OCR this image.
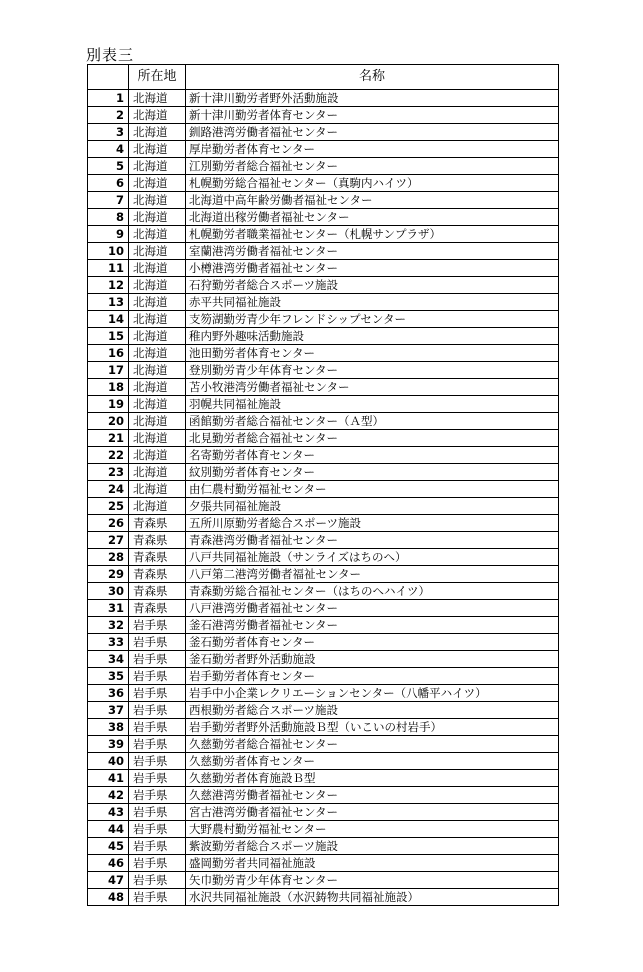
別表三
	所在地	名称
1	北海道	新十津川勤労者野外活動施設
2	北海道	新十津川勤労者体育センター
3	北海道	釧路港湾労働者福祉センター
4	北海道	厚岸勤労者体育センター
5	北海道	江別勤労者総合福祉センター
6	北海道	札幌勤労総合福祉センター（真駒内ハイツ）
7	北海道	北海道中高年齢労働者福祉センター
8	北海道	北海道出稼労働者福祉センター
9	北海道	札幌勤労者職業福祉センター（札幌サンプラザ）
10	北海道	室蘭港湾労働者福祉センター
11	北海道	小樽港湾労働者福祉センター
12	北海道	石狩勤労者総合スポーツ施設
13	北海道	赤平共同福祉施設
14	北海道	支笏湖勤労青少年フレンドシップセンター
15	北海道	稚内野外趣味活動施設
16	北海道	池田勤労者体育センター
17	北海道	登別勤労青少年体育センター
18	北海道	苫小牧港湾労働者福祉センター
19	北海道	羽幌共同福祉施設
20	北海道	函館勤労者総合福祉センター（Ａ型）
21	北海道	北見勤労者総合福祉センター
22	北海道	名寄勤労者体育センター
23	北海道	紋別勤労者体育センター
24	北海道	由仁農村勤労福祉センター
25	北海道	夕張共同福祉施設
26	青森県	五所川原勤労者総合スポーツ施設
27	青森県	青森港湾労働者福祉センター
28	青森県	八戸共同福祉施設（サンライズはちのへ）
29	青森県	八戸第二港湾労働者福祉センター
30	青森県	青森勤労総合福祉センター（はちのへハイツ）
31	青森県	八戸港湾労働者福祉センター
32	岩手県	釜石港湾労働者福祉センター
33	岩手県	釜石勤労者体育センター
34	岩手県	釜石勤労者野外活動施設
35	岩手県	岩手勤労者体育センター
36	岩手県	岩手中小企業レクリエーションセンター（八幡平ハイツ）
37	岩手県	西根勤労者総合スポーツ施設
38	岩手県	岩手勤労者野外活動施設Ｂ型（いこいの村岩手）
39	岩手県	久慈勤労者総合福祉センター
40	岩手県	久慈勤労者体育センター
41	岩手県	久慈勤労者体育施設Ｂ型
42	岩手県	久慈港湾労働者福祉センター
43	岩手県	宮古港湾労働者福祉センター
44	岩手県	大野農村勤労福祉センター
45	岩手県	紫波勤労者総合スポーツ施設
46	岩手県	盛岡勤労者共同福祉施設
47	岩手県	矢巾勤労青少年体育センター
48	岩手県	水沢共同福祉施設（水沢鋳物共同福祉施設）
